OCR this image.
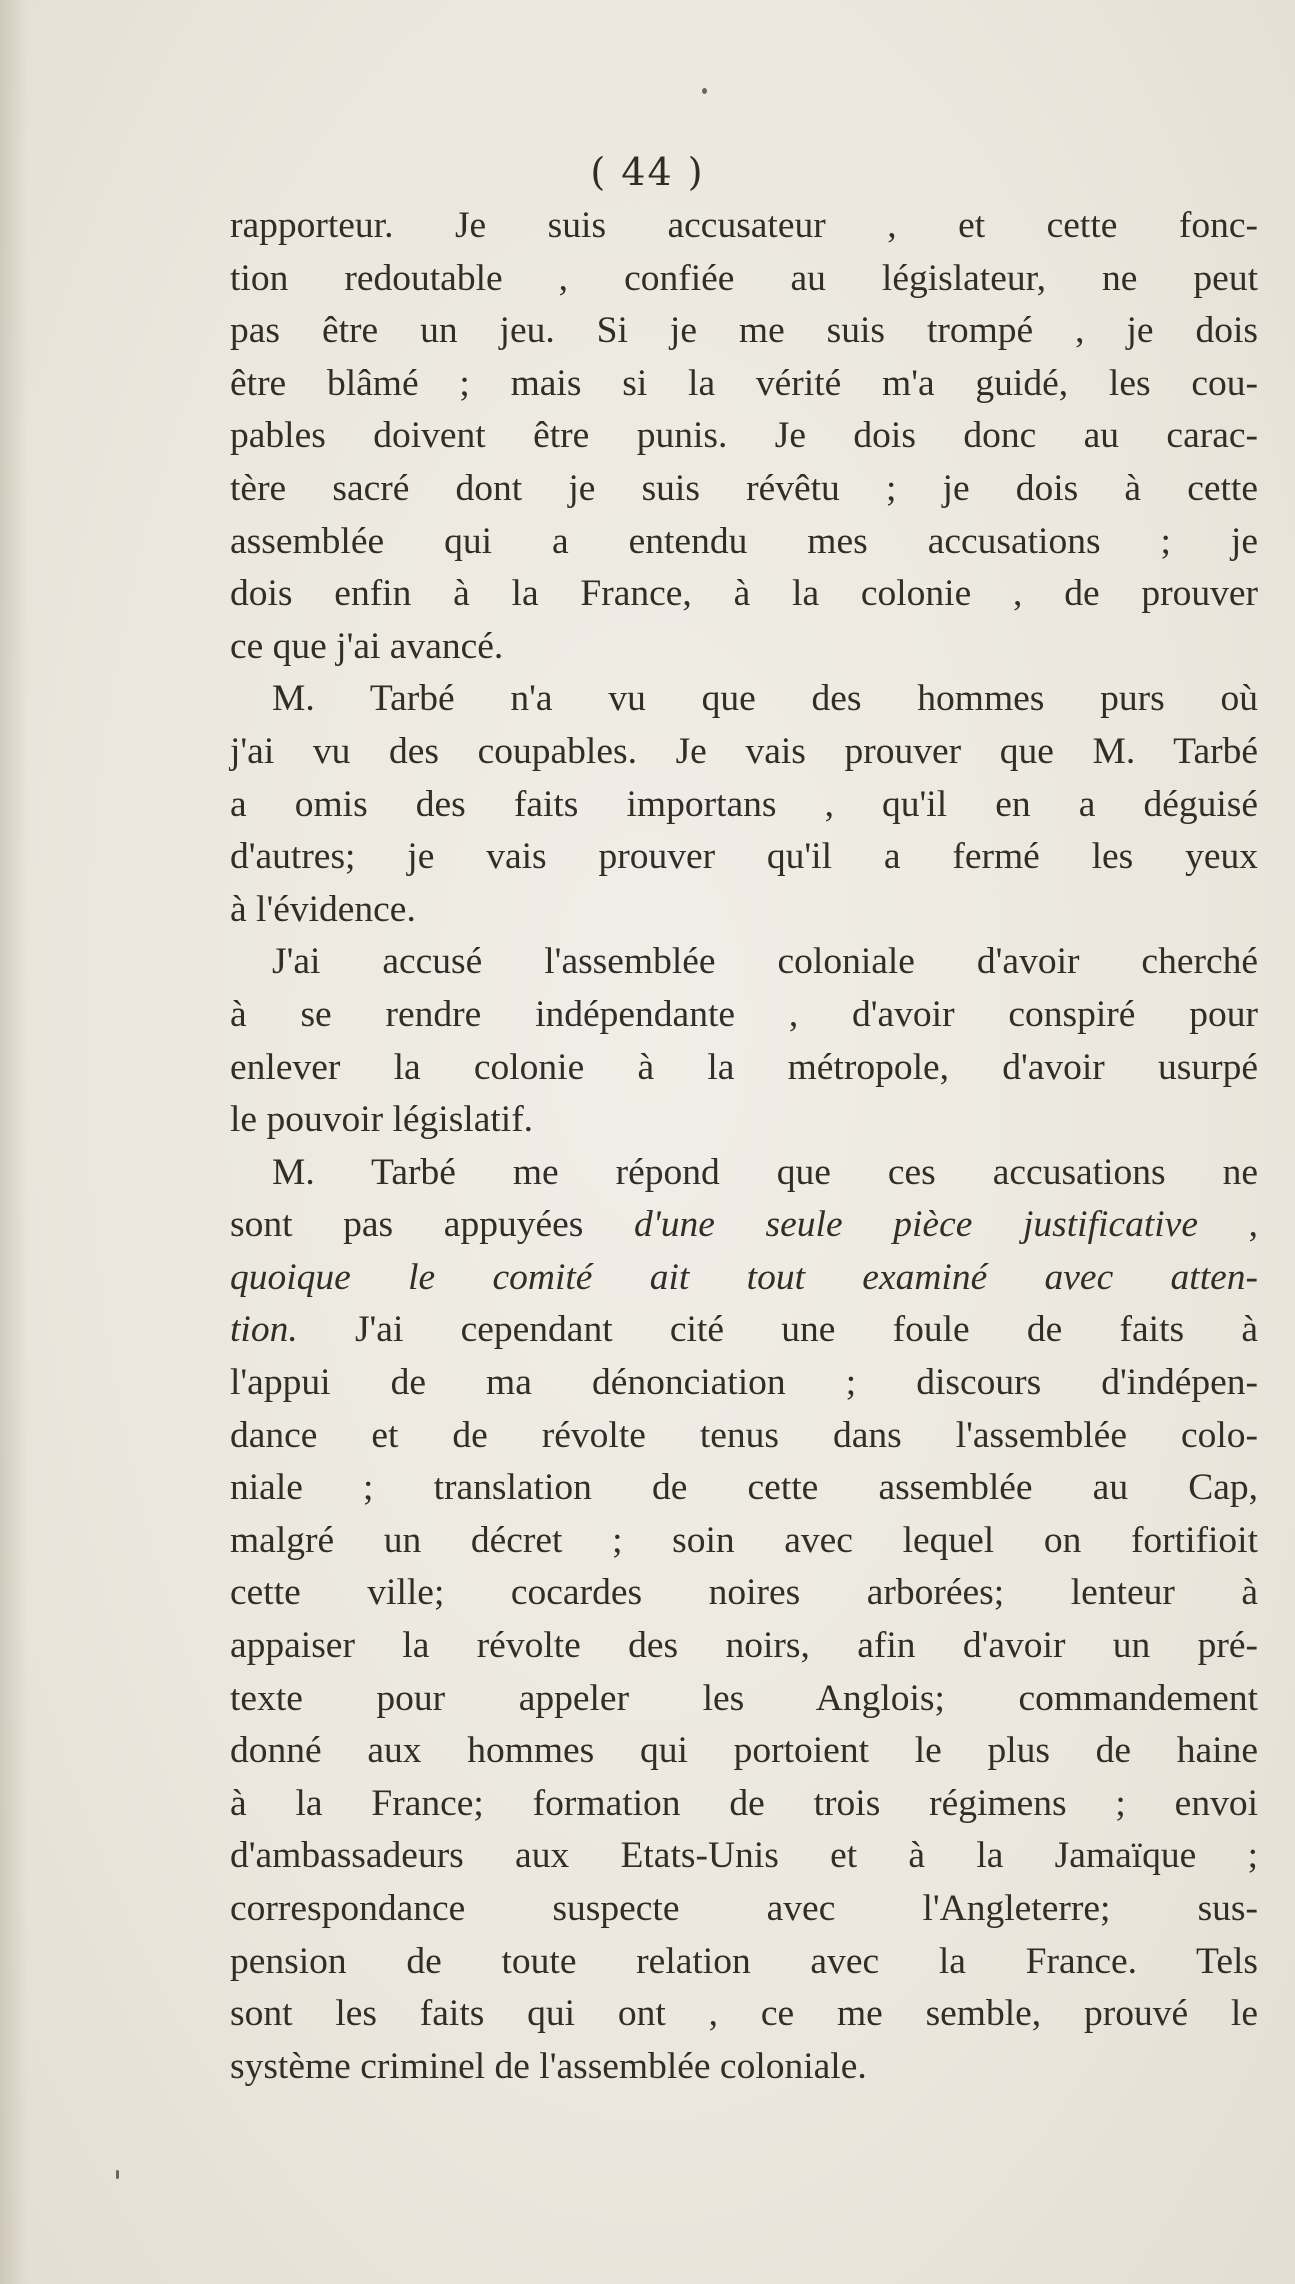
( 44 )

rapporteur. Je suis accusateur , et cette fonc-
tion redoutable , confiée au législateur, ne peut
pas être un jeu. Si je me suis trompé , je dois
être blâmé ; mais si la vérité m'a guidé, les cou-
pables doivent être punis. Je dois donc au carac-
tère sacré dont je suis révêtu ; je dois à cette
assemblée qui a entendu mes accusations ; je
dois enfin à la France, à la colonie , de prouver
ce que j'ai avancé.

M. Tarbé n'a vu que des hommes purs où
j'ai vu des coupables. Je vais prouver que M. Tarbé
a omis des faits importans , qu'il en a déguisé
d'autres; je vais prouver qu'il a fermé les yeux
à l'évidence.

J'ai accusé l'assemblée coloniale d'avoir cherché
à se rendre indépendante , d'avoir conspiré pour
enlever la colonie à la métropole, d'avoir usurpé
le pouvoir législatif.

M. Tarbé me répond que ces accusations ne
sont pas appuyées d'une seule pièce justificative ,
quoique le comité ait tout examiné avec atten-
tion. J'ai cependant cité une foule de faits à
l'appui de ma dénonciation ; discours d'indépen-
dance et de révolte tenus dans l'assemblée colo-
niale ; translation de cette assemblée au Cap,
malgré un décret ; soin avec lequel on fortifioit
cette ville; cocardes noires arborées; lenteur à
appaiser la révolte des noirs, afin d'avoir un pré-
texte pour appeler les Anglois; commandement
donné aux hommes qui portoient le plus de haine
à la France; formation de trois régimens ; envoi
d'ambassadeurs aux Etats-Unis et à la Jamaïque ;
correspondance suspecte avec l'Angleterre; sus-
pension de toute relation avec la France. Tels
sont les faits qui ont , ce me semble, prouvé le
système criminel de l'assemblée coloniale.
